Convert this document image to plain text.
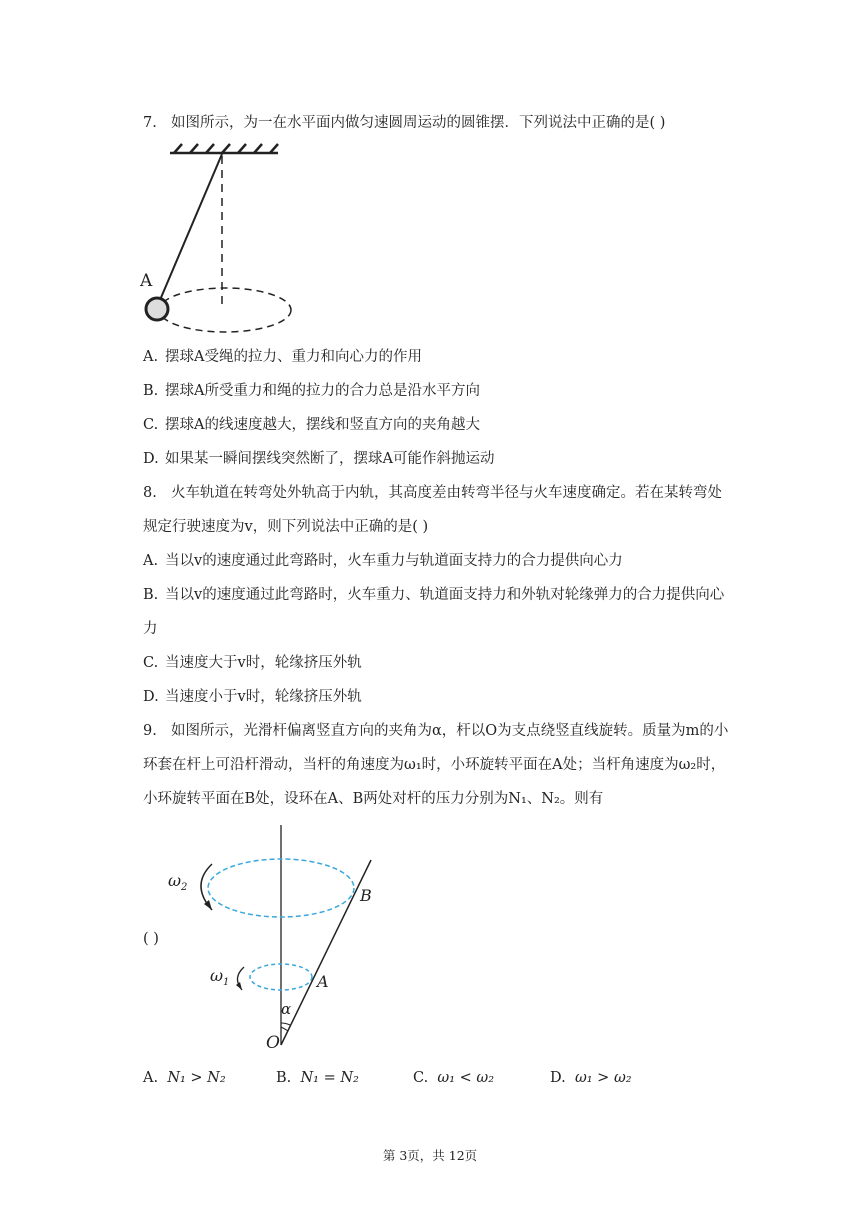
7. 如图所示，为一在水平面内做匀速圆周运动的圆锥摆．下列说法中正确的是( )
A
A. 摆球A受绳的拉力、重力和向心力的作用
B. 摆球A所受重力和绳的拉力的合力总是沿水平方向
C. 摆球A的线速度越大，摆线和竖直方向的夹角越大
D. 如果某一瞬间摆线突然断了，摆球A可能作斜抛运动
8. 火车轨道在转弯处外轨高于内轨，其高度差由转弯半径与火车速度确定。若在某转弯处
规定行驶速度为v，则下列说法中正确的是( )
A. 当以v的速度通过此弯路时，火车重力与轨道面支持力的合力提供向心力
B. 当以v的速度通过此弯路时，火车重力、轨道面支持力和外轨对轮缘弹力的合力提供向心
力
C. 当速度大于v时，轮缘挤压外轨
D. 当速度小于v时，轮缘挤压外轨
9. 如图所示，光滑杆偏离竖直方向的夹角为α，杆以O为支点绕竖直线旋转。质量为m的小
环套在杆上可沿杆滑动，当杆的角速度为ω₁时，小环旋转平面在A处；当杆角速度为ω₂时，
小环旋转平面在B处，设环在A、B两处对杆的压力分别为N₁、N₂。则有
( )
$\omega_2$
$\omega_1$
B
A
α
O
A. N₁ > N₂	B. N₁ = N₂	C. ω₁ < ω₂	D. ω₁ > ω₂
第 3页，共 12页
